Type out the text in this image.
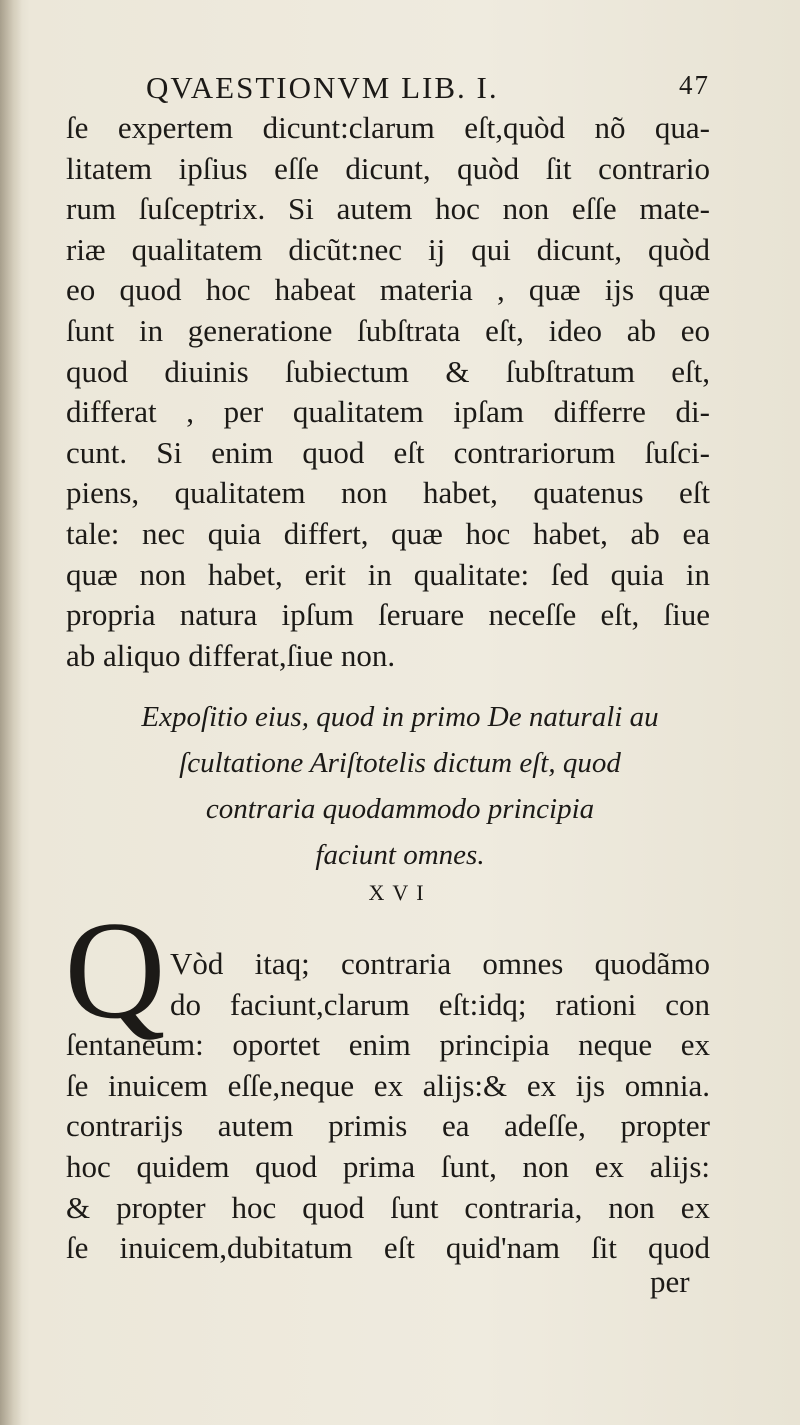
QVAESTIONVM LIB. I.	47
ſe expertem dicunt:clarum eſt,quòd nõ qua-
litatem ipſius eſſe dicunt, quòd ſit contrario
rum ſuſceptrix. Si autem hoc non eſſe mate-
riæ qualitatem dicũt:nec ij qui dicunt, quòd
eo quod hoc habeat materia , quæ ijs quæ
ſunt in generatione ſubſtrata eſt, ideo ab eo
quod diuinis ſubiectum & ſubſtratum eſt,
differat , per qualitatem ipſam differre di-
cunt. Si enim quod eſt contrariorum ſuſci-
piens, qualitatem non habet, quatenus eſt
tale: nec quia differt, quæ hoc habet, ab ea
quæ non habet, erit in qualitate: ſed quia in
propria natura ipſum ſeruare neceſſe eſt, ſiue
ab aliquo differat,ſiue non.
Expoſitio eius, quod in primo De naturali au
ſcultatione Ariſtotelis dictum eſt, quod
contraria quodammodo principia
faciunt omnes.
XVI
Q Vòd itaq; contraria omnes quodãmo
do faciunt,clarum eſt:idq; rationi con
ſentaneum: oportet enim principia neque ex
ſe inuicem eſſe,neque ex alijs:& ex ijs omnia.
contrarijs autem primis ea adeſſe, propter
hoc quidem quod prima ſunt, non ex alijs:
& propter hoc quod ſunt contraria, non ex
ſe inuicem,dubitatum eſt quid'nam ſit quod
per
